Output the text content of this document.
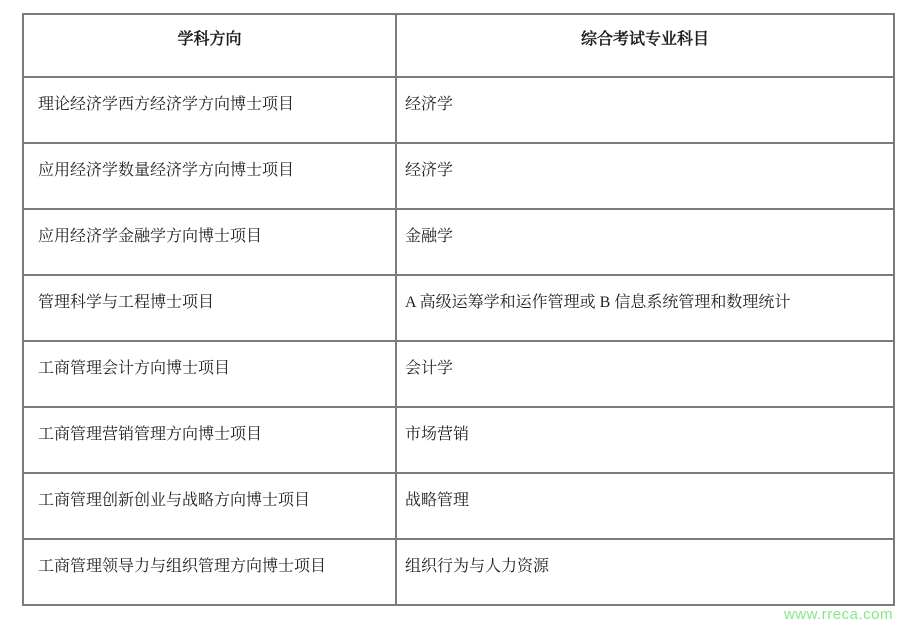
学科方向	综合考试专业科目
理论经济学西方经济学方向博士项目	经济学
应用经济学数量经济学方向博士项目	经济学
应用经济学金融学方向博士项目	金融学
管理科学与工程博士项目	A 高级运筹学和运作管理或 B 信息系统管理和数理统计
工商管理会计方向博士项目	会计学
工商管理营销管理方向博士项目	市场营销
工商管理创新创业与战略方向博士项目	战略管理
工商管理领导力与组织管理方向博士项目	组织行为与人力资源
www.rreca.com
